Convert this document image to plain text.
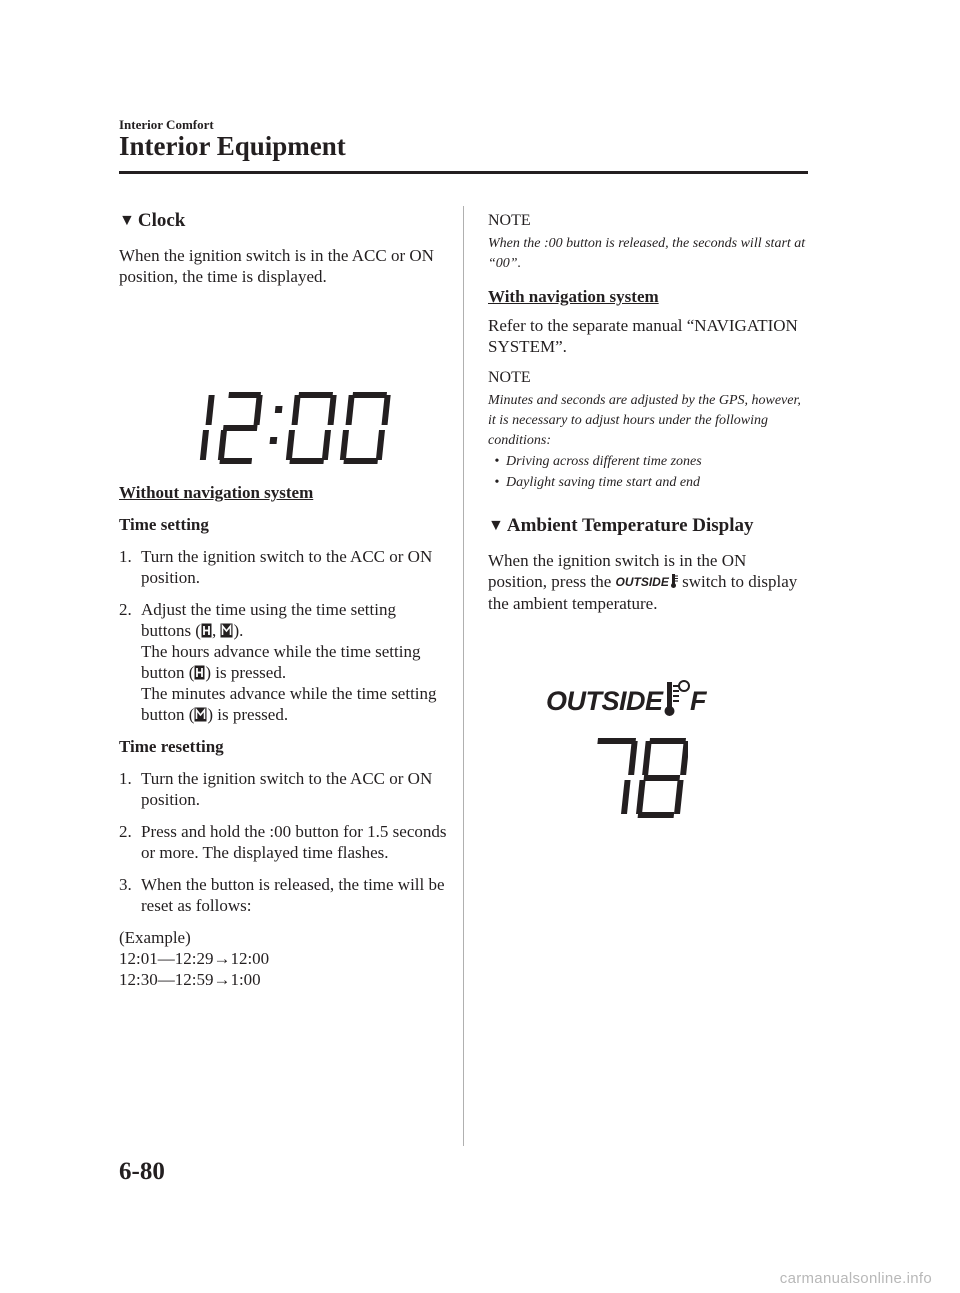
Interior Comfort
Interior Equipment
▼ Clock

When the ignition switch is in the ACC or ON position, the time is displayed.

Without navigation system

Time setting

1. Turn the ignition switch to the ACC or ON position.
2. Adjust the time using the time setting buttons ( , ).
The hours advance while the time setting button ( ) is pressed.
The minutes advance while the time setting button ( ) is pressed.

Time resetting

1. Turn the ignition switch to the ACC or ON position.
2. Press and hold the :00 button for 1.5 seconds or more. The displayed time flashes.
3. When the button is released, the time will be reset as follows:

(Example)

12:01―12:29→12:00

12:30―12:59→1:00

NOTE

When the :00 button is released, the seconds will start at “00”.

With navigation system

Refer to the separate manual “NAVIGATION SYSTEM”.

NOTE

Minutes and seconds are adjusted by the GPS, however, it is necessary to adjust hours under the following conditions:

• Driving across different time zones
• Daylight saving time start and end
▼ Ambient Temperature Display

When the ignition switch is in the ON position, press the OUTSIDE switch to display the ambient temperature.

OUTSIDE F
6-80
carmanualsonline.info
